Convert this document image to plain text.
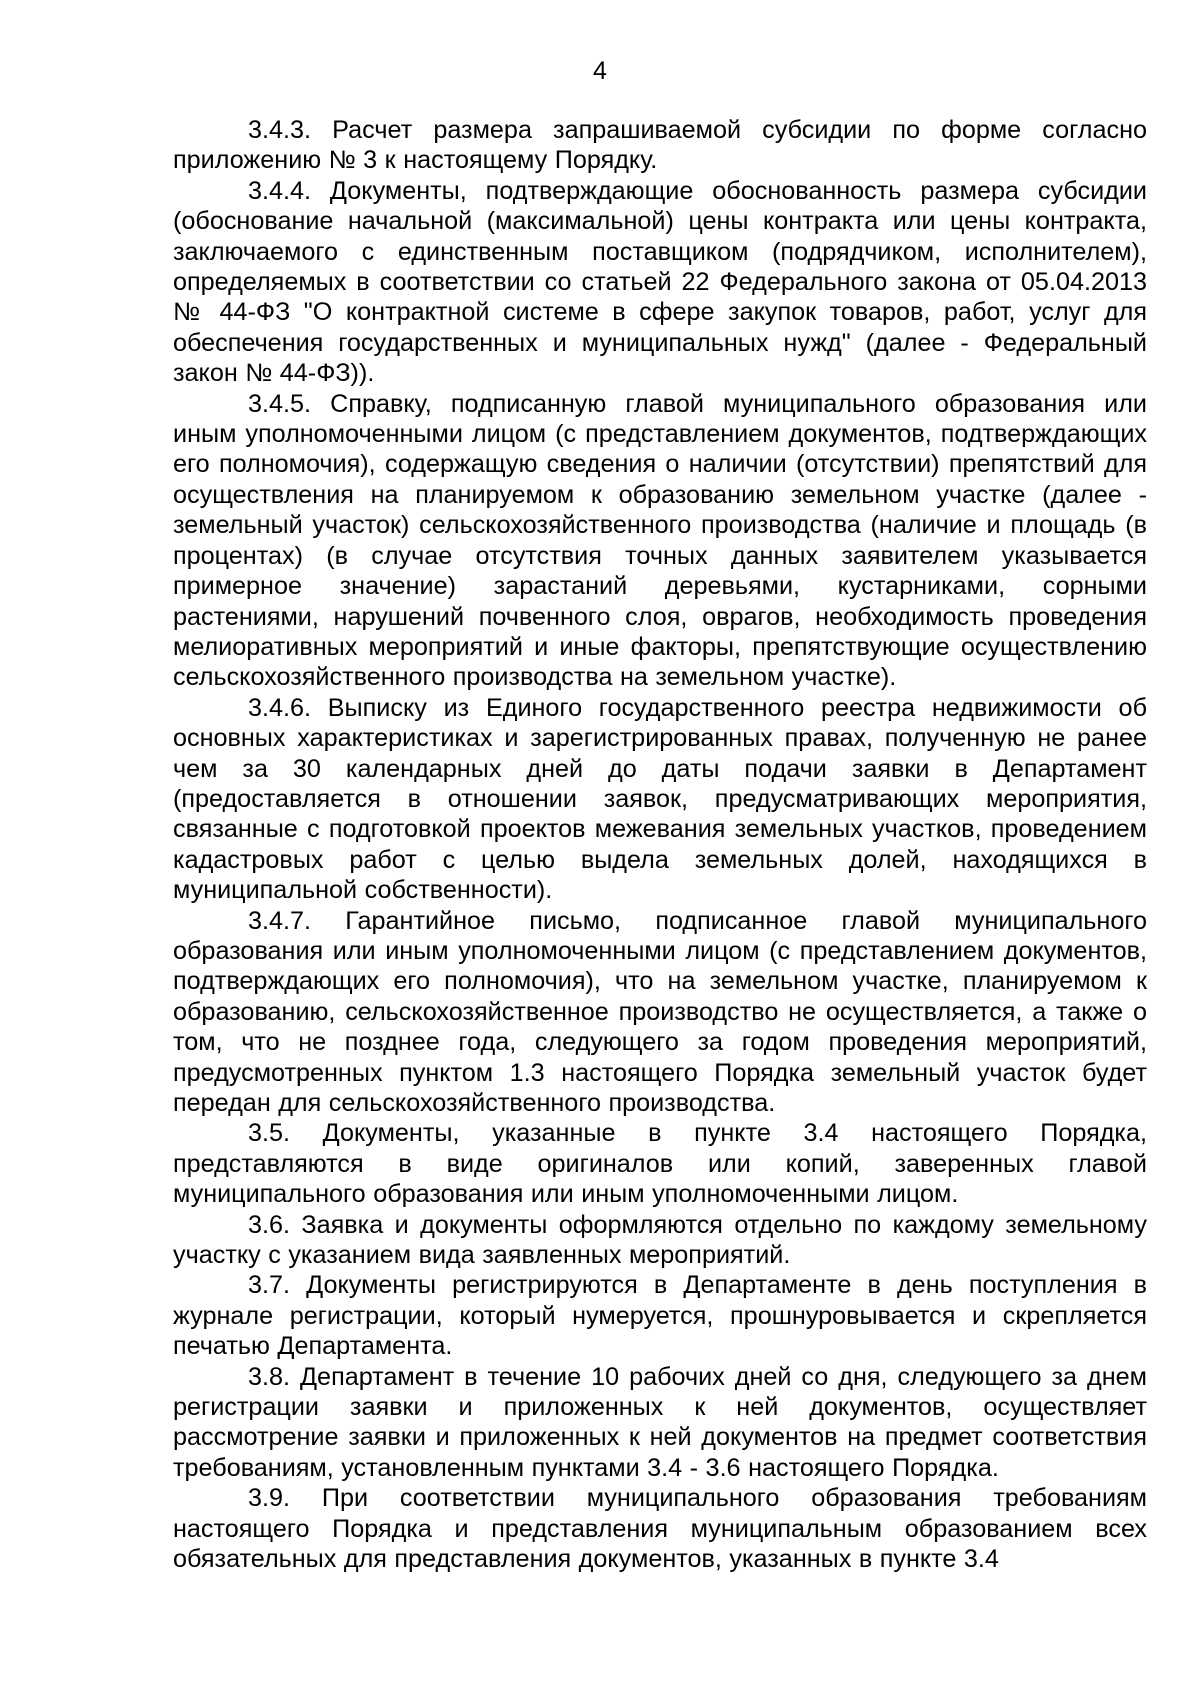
4

3.4.3. Расчет размера запрашиваемой субсидии по форме согласно приложению № 3 к настоящему Порядку.

3.4.4. Документы, подтверждающие обоснованность размера субсидии (обоснование начальной (максимальной) цены контракта или цены контракта, заключаемого с единственным поставщиком (подрядчиком, исполнителем), определяемых в соответствии со статьей 22 Федерального закона от 05.04.2013 № 44-ФЗ "О контрактной системе в сфере закупок товаров, работ, услуг для обеспечения государственных и муниципальных нужд" (далее - Федеральный закон № 44-ФЗ)).

3.4.5. Справку, подписанную главой муниципального образования или иным уполномоченными лицом (с представлением документов, подтверждающих его полномочия), содержащую сведения о наличии (отсутствии) препятствий для осуществления на планируемом к образованию земельном участке (далее - земельный участок) сельскохозяйственного производства (наличие и площадь (в процентах) (в случае отсутствия точных данных заявителем указывается примерное значение) зарастаний деревьями, кустарниками, сорными растениями, нарушений почвенного слоя, оврагов, необходимость проведения мелиоративных мероприятий и иные факторы, препятствующие осуществлению сельскохозяйственного производства на земельном участке).

3.4.6. Выписку из Единого государственного реестра недвижимости об основных характеристиках и зарегистрированных правах, полученную не ранее чем за 30 календарных дней до даты подачи заявки в Департамент (предоставляется в отношении заявок, предусматривающих мероприятия, связанные с подготовкой проектов межевания земельных участков, проведением кадастровых работ с целью выдела земельных долей, находящихся в муниципальной собственности).

3.4.7. Гарантийное письмо, подписанное главой муниципального образования или иным уполномоченными лицом (с представлением документов, подтверждающих его полномочия), что на земельном участке, планируемом к образованию, сельскохозяйственное производство не осуществляется, а также о том, что не позднее года, следующего за годом проведения мероприятий, предусмотренных пунктом 1.3 настоящего Порядка земельный участок будет передан для сельскохозяйственного производства.

3.5. Документы, указанные в пункте 3.4 настоящего Порядка, представляются в виде оригиналов или копий, заверенных главой муниципального образования или иным уполномоченными лицом.

3.6. Заявка и документы оформляются отдельно по каждому земельному участку с указанием вида заявленных мероприятий.

3.7. Документы регистрируются в Департаменте в день поступления в журнале регистрации, который нумеруется, прошнуровывается и скрепляется печатью Департамента.

3.8. Департамент в течение 10 рабочих дней со дня, следующего за днем регистрации заявки и приложенных к ней документов, осуществляет рассмотрение заявки и приложенных к ней документов на предмет соответствия требованиям, установленным пунктами 3.4 - 3.6 настоящего Порядка.

3.9. При соответствии муниципального образования требованиям настоящего Порядка и представления муниципальным образованием всех обязательных для представления документов, указанных в пункте 3.4
